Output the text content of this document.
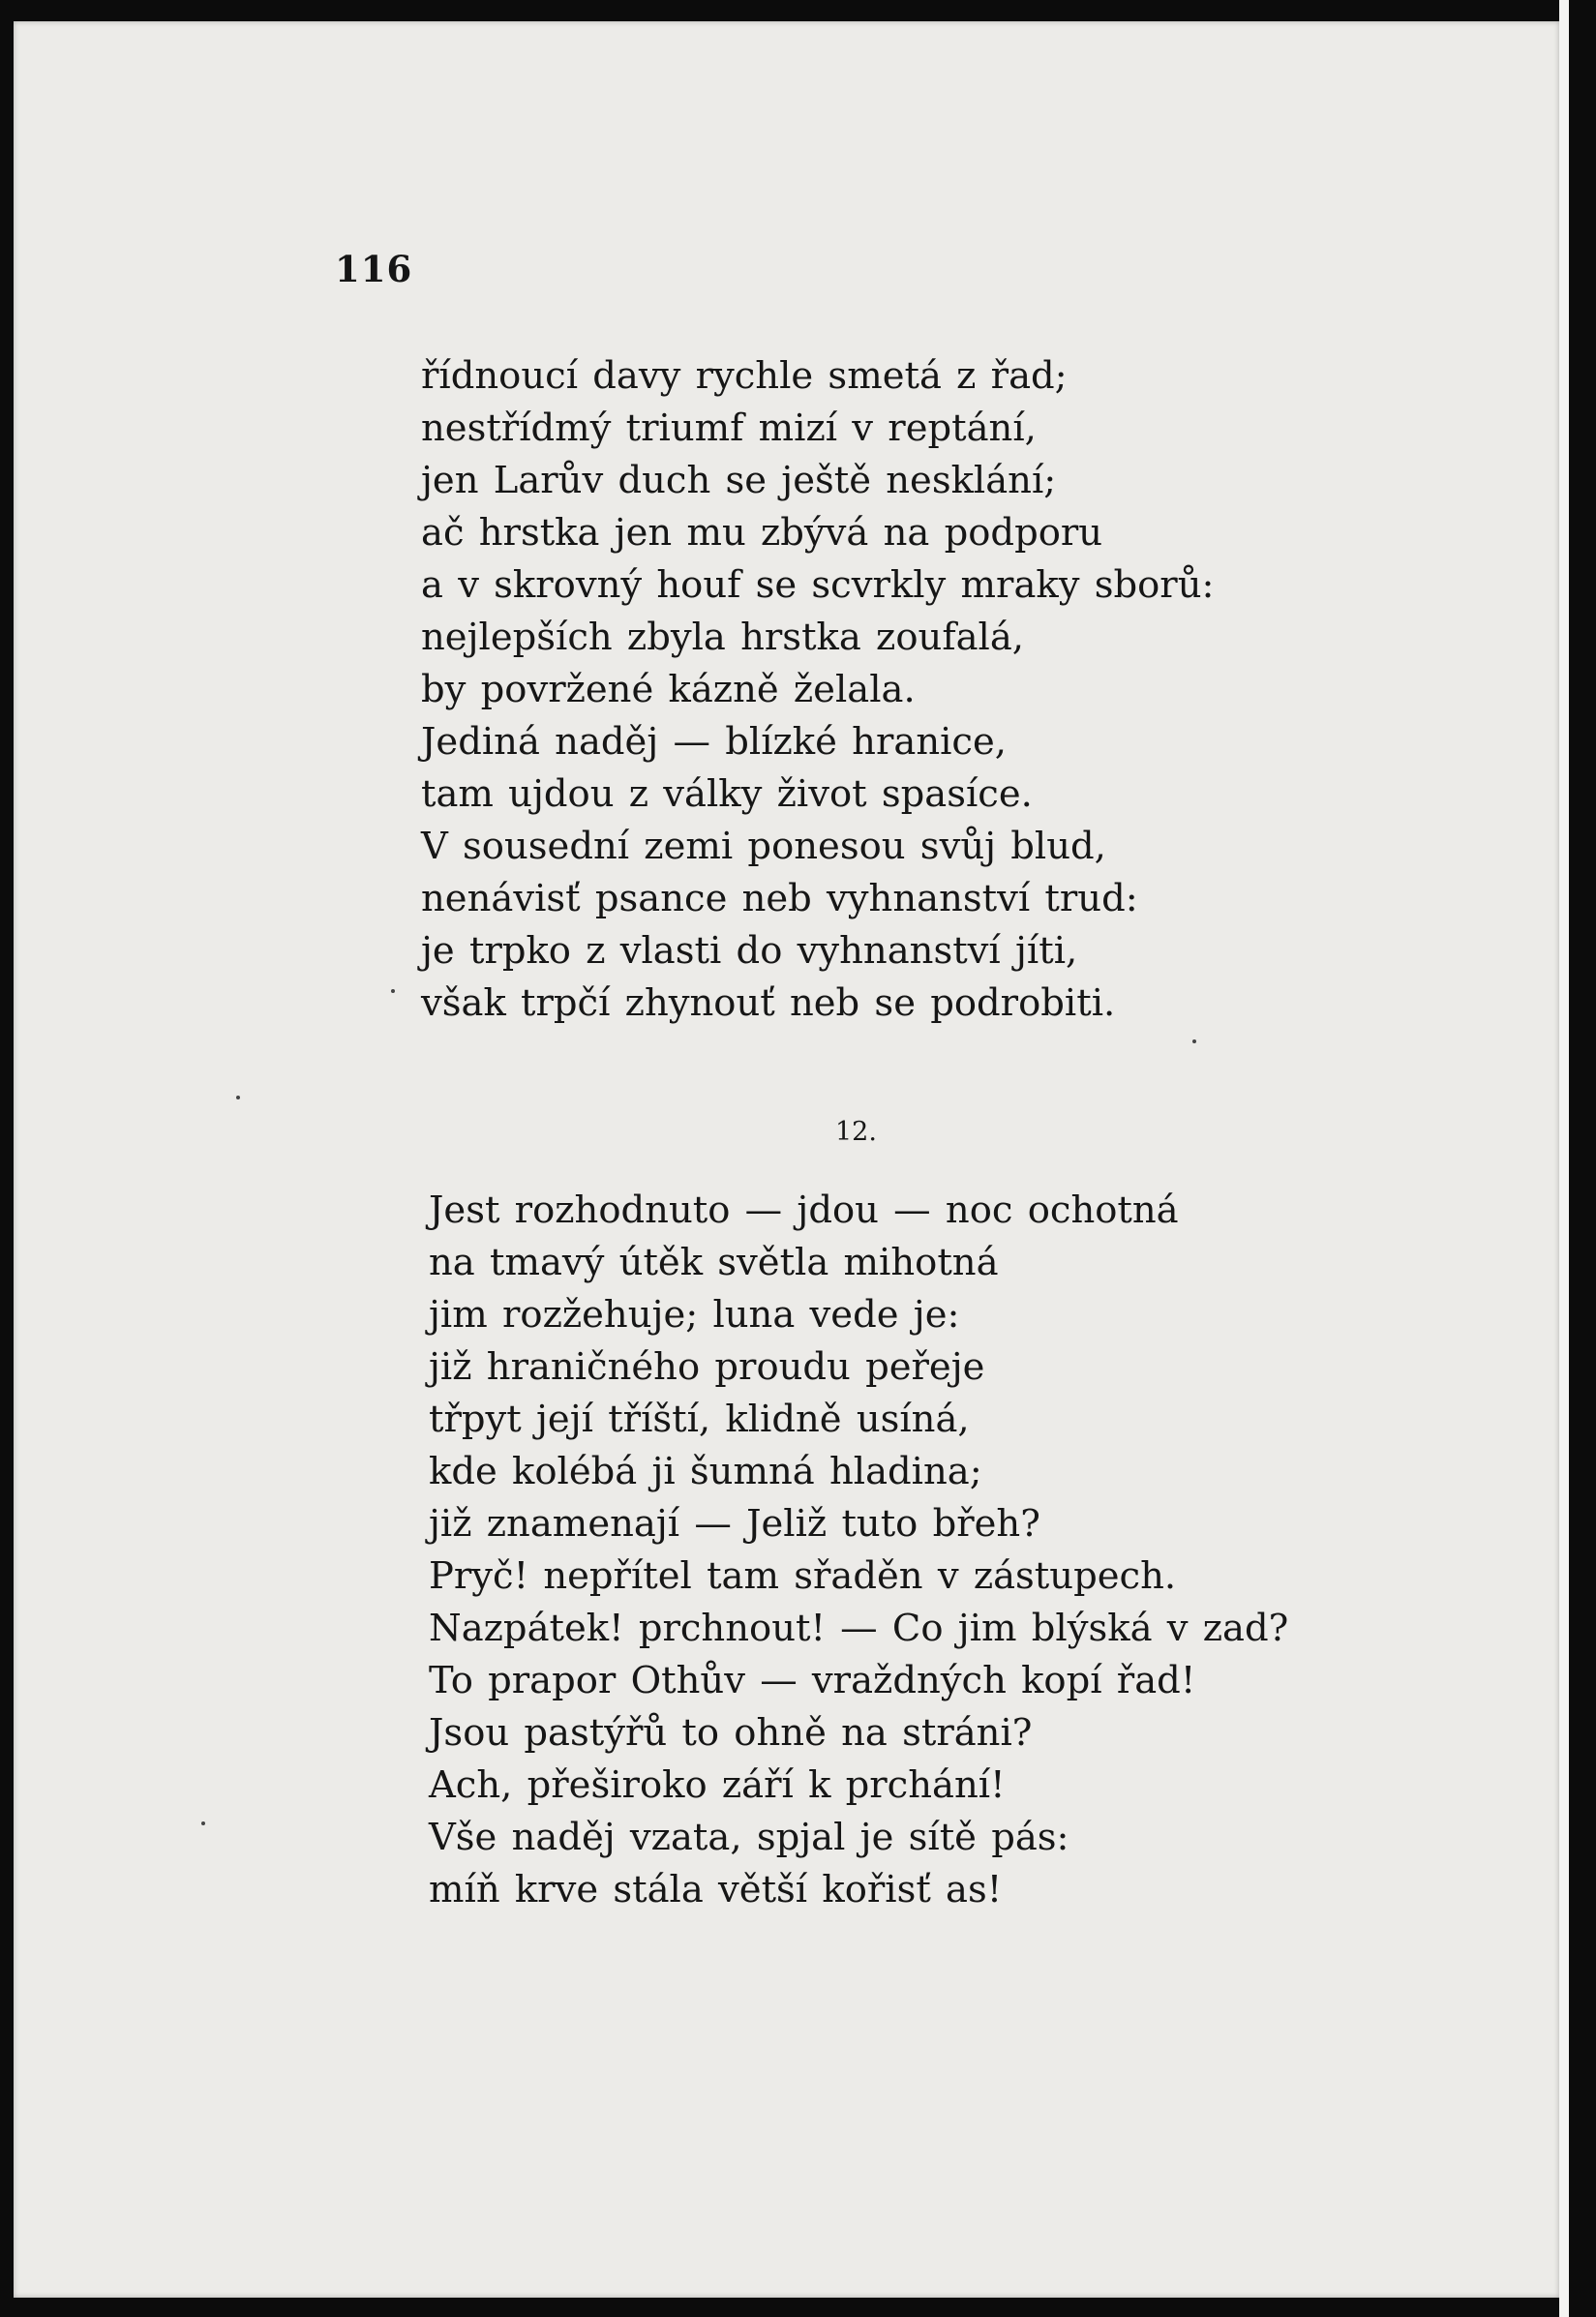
116
řídnoucí davy rychle smetá z řad;
nestřídmý triumf mizí v reptání,
jen Larův duch se ještě nesklání;
ač hrstka jen mu zbývá na podporu
a v skrovný houf se scvrkly mraky sborů:
nejlepších zbyla hrstka zoufalá,
by povržené kázně želala.
Jediná naděj — blízké hranice,
tam ujdou z války život spasíce.
V sousední zemi ponesou svůj blud,
nenávisť psance neb vyhnanství trud:
je trpko z vlasti do vyhnanství jíti,
však trpčí zhynouť neb se podrobiti.
12.
Jest rozhodnuto — jdou — noc ochotná
na tmavý útěk světla mihotná
jim rozžehuje; luna vede je:
již hraničného proudu peřeje
třpyt její tříští, klidně usíná,
kde kolébá ji šumná hladina;
již znamenají — Jeliž tuto břeh?
Pryč! nepřítel tam sřaděn v zástupech.
Nazpátek! prchnout! — Co jim blýská v zad?
To prapor Othův — vraždných kopí řad!
Jsou pastýřů to ohně na stráni?
Ach, přeširoko září k prchání!
Vše naděj vzata, spjal je sítě pás:
míň krve stála větší kořisť as!
